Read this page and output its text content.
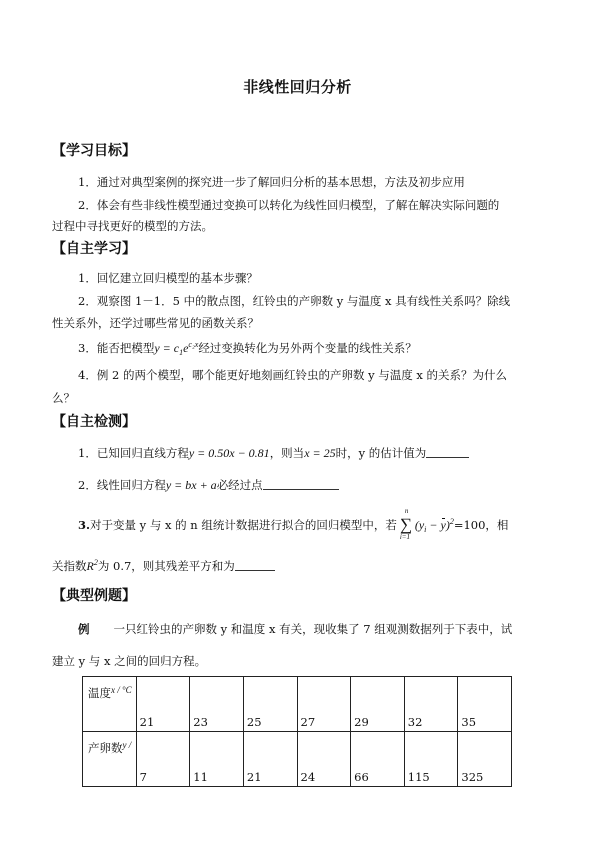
非线性回归分析
【学习目标】
1．通过对典型案例的探究进一步了解回归分析的基本思想，方法及初步应用
2．体会有些非线性模型通过变换可以转化为线性回归模型，了解在解决实际问题的
过程中寻找更好的模型的方法。
【自主学习】
1．回忆建立回归模型的基本步骤？
2．观察图 1－1．5 中的散点图，红铃虫的产卵数 y 与温度 x 具有线性关系吗？除线
性关系外，还学过哪些常见的函数关系？
3．能否把模型$y = c_1e^{c_2x}$经过变换转化为另外两个变量的线性关系？
4．例 2 的两个模型，哪个能更好地刻画红铃虫的产卵数 y 与温度 x 的关系？为什么
么？
【自主检测】
1．已知回归直线方程y = 0.50x − 0.81，则当x = 25时，y 的估计值为
2．线性回归方程y = bx + a必经过点
3.对于变量 y 与 x 的 n 组统计数据进行拟合的回归模型中，若
n
∑
i=1
$(y_i - y)^2=100$，相
关指数$R^2$为 0.7，则其残差平方和为
【典型例题】
例 一只红铃虫的产卵数 y 和温度 x 有关，现收集了 7 组观测数据列于下表中，试
建立 y 与 x 之间的回归方程。
温度$^{x / ^\circ C}$	21	23	25	27	29	32	35
产卵数$^{y /}$	7	11	21	24	66	115	325
